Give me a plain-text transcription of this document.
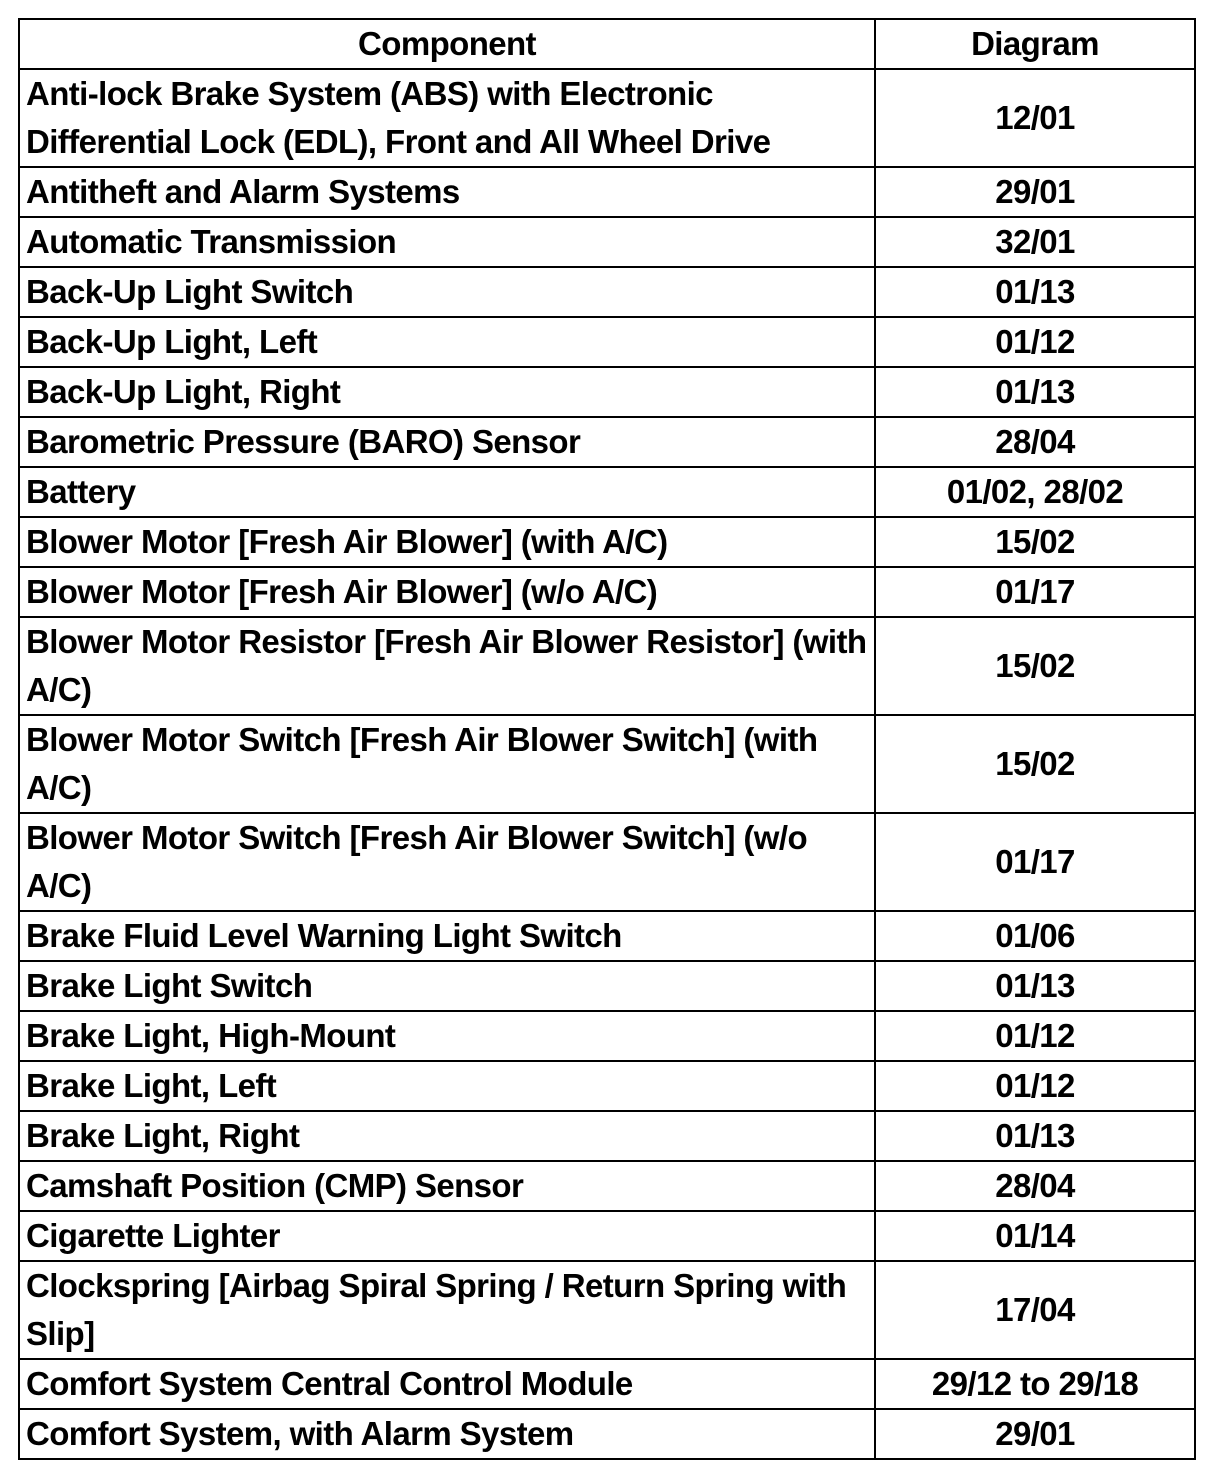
Component	Diagram
Anti-lock Brake System (ABS) with Electronic Differential Lock (EDL), Front and All Wheel Drive	12/01
Antitheft and Alarm Systems	29/01
Automatic Transmission	32/01
Back-Up Light Switch	01/13
Back-Up Light, Left	01/12
Back-Up Light, Right	01/13
Barometric Pressure (BARO) Sensor	28/04
Battery	01/02, 28/02
Blower Motor [Fresh Air Blower] (with A/C)	15/02
Blower Motor [Fresh Air Blower] (w/o A/C)	01/17
Blower Motor Resistor [Fresh Air Blower Resistor] (with A/C)	15/02
Blower Motor Switch [Fresh Air Blower Switch] (with A/C)	15/02
Blower Motor Switch [Fresh Air Blower Switch] (w/o A/C)	01/17
Brake Fluid Level Warning Light Switch	01/06
Brake Light Switch	01/13
Brake Light, High-Mount	01/12
Brake Light, Left	01/12
Brake Light, Right	01/13
Camshaft Position (CMP) Sensor	28/04
Cigarette Lighter	01/14
Clockspring [Airbag Spiral Spring / Return Spring with Slip]	17/04
Comfort System Central Control Module	29/12 to 29/18
Comfort System, with Alarm System	29/01
